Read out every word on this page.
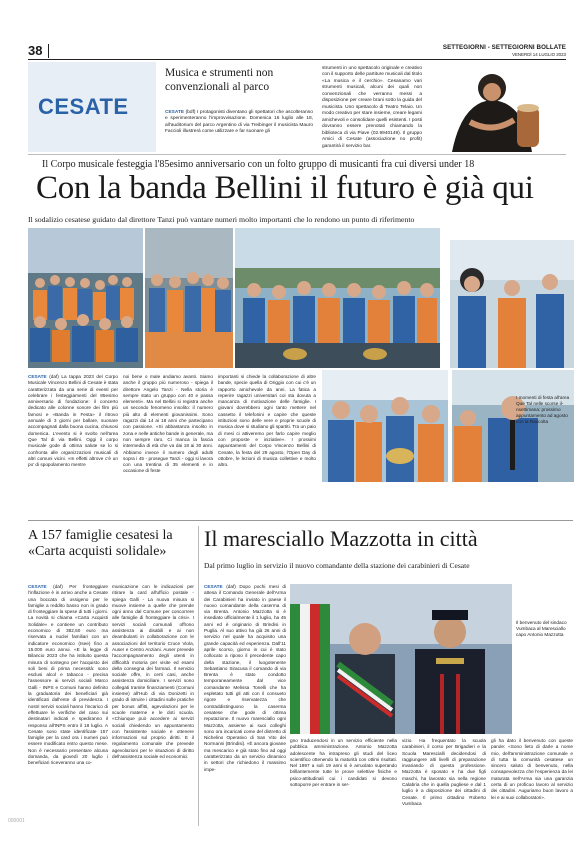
38	SETTEGIORNI - SETTEGIORNI BOLLATE
VENERDÌ 14 LUGLIO 2023
CESATE
Musica e strumenti non convenzionali al parco
CESATE (bdf) I protagonisti diventano gli spettatori che ascolteranno e sperimenteranno l'improvvisazione. Domenica 16 luglio alle 18, all'auditorium del parco Argentino di via Treibinger il musicista Mauro Faccioli illustrerà come utilizzare e far suonare gli
strumenti in uno spettacolo originale e creativo con il supporto delle partiture musicali dal titolo «La musica e il cerchio». Cesanamo vari strumenti musicali, alcuni dei quali non convenzionali che verranno messi a disposizione per creare brani sotto la guida del musicista. Uno spettacolo di Teatro Telaio. Un modo creativo per stare insieme, creare legami amichevoli e consolidare quelli esistenti. I posti dovranno essere prenotati chiamando la biblioteca di via Piave (02.9940149). Il gruppo Amici di Cesate (associazione no profit) garantirà il servizio bar.
Il Corpo musicale festeggia l'85esimo anniversario con un folto gruppo di musicanti fra cui diversi under 18
Con la banda Bellini il futuro è già qui
Il sodalizio cesatese guidato dal direttore Tanzi può vantare numeri molto importanti che lo rendono un punto di riferimento
CESATE (daf) La tappa 2023 del Corpo Musicale Vincenzo Bellini di Cesate è stata caratterizzata da una serie di eventi per celebrare i festeggiamenti del 85esimo anniversario di fondazione: il concerto dedicato alle colonne sonore dei film più famosi e «Banda in Festa» il ritrovo annuale di 3 giorni per ballare, suonare accompagnati dalla buona cucina, chiusosi domenica. L'evento si è svolto nell'area Que Tal di via Bellini. Oggi il corpo musicale gode di ottima salute se lo si confronta alle organizzazioni musicali di altri comuni vicini. «In effetti altrove c'è un po' di spopolamento mentre
noi bene o male andiamo avanti. Siamo anche il gruppo più numeroso - spiega il direttore Angelo Tanzi - Nella storia è sempre stato un gruppo con 40 e passa elementi». Ma nel Bellini si registra anche un secondo fenomeno insolito: il numero più alto di elementi giovanissimi. Sono ragazzi dai 14 ai 18 anni che partecipano con passione. «Si abbastanza insolito in zona e nelle antiche bande in generale, ma non sempre raro. Ci manca la fascia intermedia di età che va dai 18 ai 30 anni. Abbiamo invece il numero degli adulti sopra i 45 - prosegue Tanzi - oggi si lavora con una trentina di 35 elementi e in occasione di feste
importanti si chiede la collaborazione di altre bande, specie quella di Origgio con cui c'è un rapporto amichevole da anni. La fatica a reperire ragazzi universitari coi sta dovuta a mancanza di motivazione delle famiglie. I giovani dovrebbero ogni tanto mettere nel cassetto il telefonini e capire che queste istituzioni sono delle vere e proprie scuole di musica dove si studiano gli spartiti. Tra un paio di mesi ci attiveremo per farlo capire meglio con proposte e iniziative». I prossimi appuntamenti del Corpo Vincenzo Bellini di Cesate, la festa del 29 agosto, l'Open Day di ottobre, le lezioni di musica collettive e molto altro.
I momenti di festa all'area Que Tal nelle scorse il-nsettimana: prossimo appuntamento ad agosto con la Raccolta
A 157 famiglie cesatesi la «Carta acquisti solidale»
CESATE (daf) Per fronteggiare l'inflazione è in arrivo anche a Cesate una boccata di ossigeno per le famiglie a reddito basso non in grado di fronteggiare la spese di tutti i giorni. La novità si chiama «Carta Acquisti Solidale» e contiene un contributo economico di 382,50 euro ma riservata a nuclei familiari con un indicatore economico (Isee) fino a 15.000 euro annui. «E la legge di Bilancio 2023 che ha istituito questa misura di sostegno per l'acquisto dei soli beni di prima necessità: sono esclusi alcol e tabacco - precisa l'assessore ai servizi sociali Marco Galli - INPS e Comuni hanno definito la graduatoria dei beneficiari già identificati dall'ente di previdenza. I nostri servizi sociali hanno l'incarico di effettuare le verifiche del caso sui destinatari indicati e spediranno il responso all'INPS entro il 18 luglio. A Cesate sono state identificate 157 famiglie per la card ora i numeri può essere modificato entro questo mese. Non è necessario presentare alcuna domanda, da giovedì 20 luglio i beneficiari riceveranno una co-
municazione con le indicazioni per ritirare la card all'ufficio postale - spiega Galli - La nuova misura si muove insieme a quelle che prende ogni anno dal Comune per concorrere alle famiglie di fronteggiare la crisi». I servizi sociali comunali offrono assistenza ai disabili e ai non deambulanti in collaborazione con le associazioni del territorio Croce Viola, Auser e Centro Anziani. Auser prevede l'accompagnamento degli utenti in difficoltà motoria per visite ed esami della consegna dei farmaci. Il servizio sociale offre, in certi casi, anche assistenza domiciliare. I servizi sono collegati tramite finanziamenti (Comuni insieme) all'Hub di via Donizetti in grado di istruire i cittadini sulle pratiche per bonus affitti, agevolazioni per le scuole materne e le doti scuola. «Chiunque può accedere ai servizi sociali chiedendo un appuntamento con l'assistente sociale e ottenere informazioni sul proprio diritti. E il regolamento comunale che prevede agevolazioni per le situazioni di diritto dell'assistenza sociale ed economici.
Il maresciallo Mazzotta in città
Dal primo luglio in servizio il nuovo comandante della stazione dei carabinieri di Cesate
CESATE (daf) Dopo pochi mesi di attesa il Comando Generale dell'Arma dei Carabinieri ha inviato in paese il nuovo comandante della caserma di via Brenta. Antonio Mazzotta si è insediato ufficialmente il 1 luglio, ha 45 anni ed è originario di Brindisi in Puglia. Al suo attivo ha già 26 anni di servizio nel quale ha acquisito una grande capacità ed esperienza. Dall'11 aprile scorso, giorno in cui è stato collocato a riposo il precedente capo della stazione, il luogotenente Sebastiano Siracusa il comando di via Brenta è stato condotto temporaneamente dal vice comandante Melissa Tonelli che ha espletato tutti gli atti con il consueto rigore e riservatezza che contraddistinguono la caserma cesatese che gode di ottima reputazione. Il nuovo maresciallo ogni Mazzotta, assieme ai suoi colleghi sono ora incaricati come del distretto di Nichelino Operativo di San Vito dei Normanni (Brindisi). «È ancora giovane ma mescarico e già stato fino ad oggi caratterizzato da un servizio dinamico in settori che richiedono il massimo impe-
Il benvenuto del sindaco Vumbaca al Maresciallo capo Antonio Mazzotta
gno traducendosi in un servizio efficiente nella pubblica amministrazione. Antonio Mazzotta adolescente ha intrapreso gli studi del liceo scientifico ottenendo la maturità con ottimi risultati. Nel 1997 a soli 19 anni si è arruolato superando brillantemente tutte le prove selettive fisiche e psico-attitudinali cui i candidati si devono sottoporre per entrare in ser-
vizio. Ha frequentato la scuola carabinieri, il corso per Brigadieri e la Scuola Marescialli decidendosi di raggiungere alti livelli di preparazione invariando di questa professione. Mazzotta è sposato e ha due figli maschi, ha lavorato sia nella regione Calabria che in quella pugliese e dal 1 luglio è a disposizione dei cittadini di Cesate. Il primo cittadino Roberto Vumbaca
gli ha dato il benvenuto con queste parole: «Sono lieto di darle a nome mio, dell'amministrazione comunale e di tutta la comunità cesatese un sincero saluto di benvenuto, nella consapevolezza che l'esperienza da lei maturata nell'Arma sia una garanzia certa di un proficuo lavoro al servizio dei cittadini. Auguriamo buon lavoro a lei e ai suoi collaboratori».
000001
